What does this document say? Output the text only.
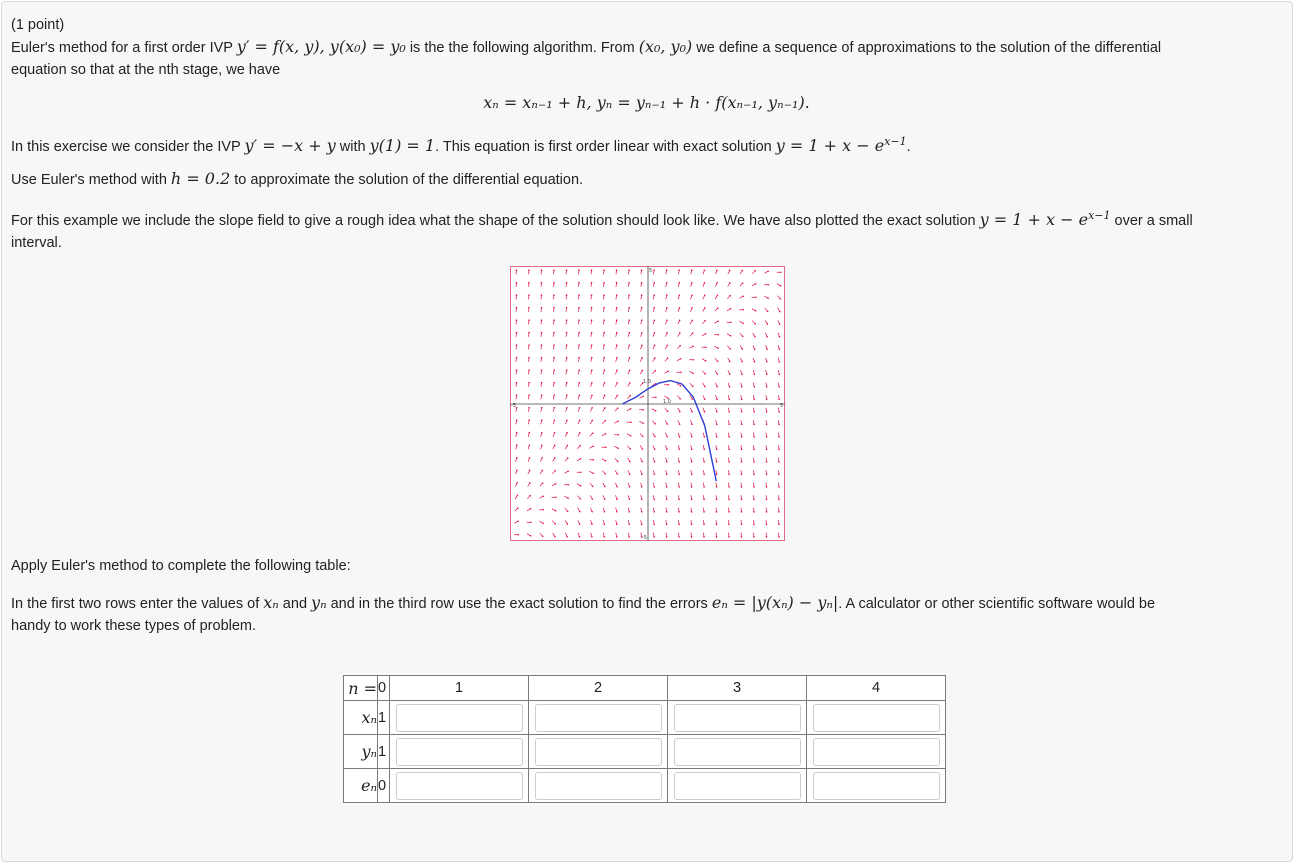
(1 point)

Euler's method for a first order IVP y′ = f(x, y), y(x₀) = y₀ is the the following algorithm. From (x₀, y₀) we define a sequence of approximations to the solution of the differential
equation so that at the nth stage, we have

xₙ = xₙ₋₁ + h, yₙ = yₙ₋₁ + h · f(xₙ₋₁, yₙ₋₁).

In this exercise we consider the IVP y′ = −x + y with y(1) = 1. This equation is first order linear with exact solution $y = 1 + x - e^{x-1}$.

Use Euler's method with h = 0.2 to approximate the solution of the differential equation.

For this example we include the slope field to give a rough idea what the shape of the solution should look like. We have also plotted the exact solution $y = 1 + x - e^{x-1}$ over a small
interval.

1.0
1.0
-5	5
5
-5

Apply Euler's method to complete the following table:

In the first two rows enter the values of xₙ and yₙ and in the third row use the exact solution to find the errors eₙ = |y(xₙ) − yₙ|. A calculator or other scientific software would be
handy to work these types of problem.

n =	0	1	2	3	4
xₙ	1				
yₙ	1				
eₙ	0				
